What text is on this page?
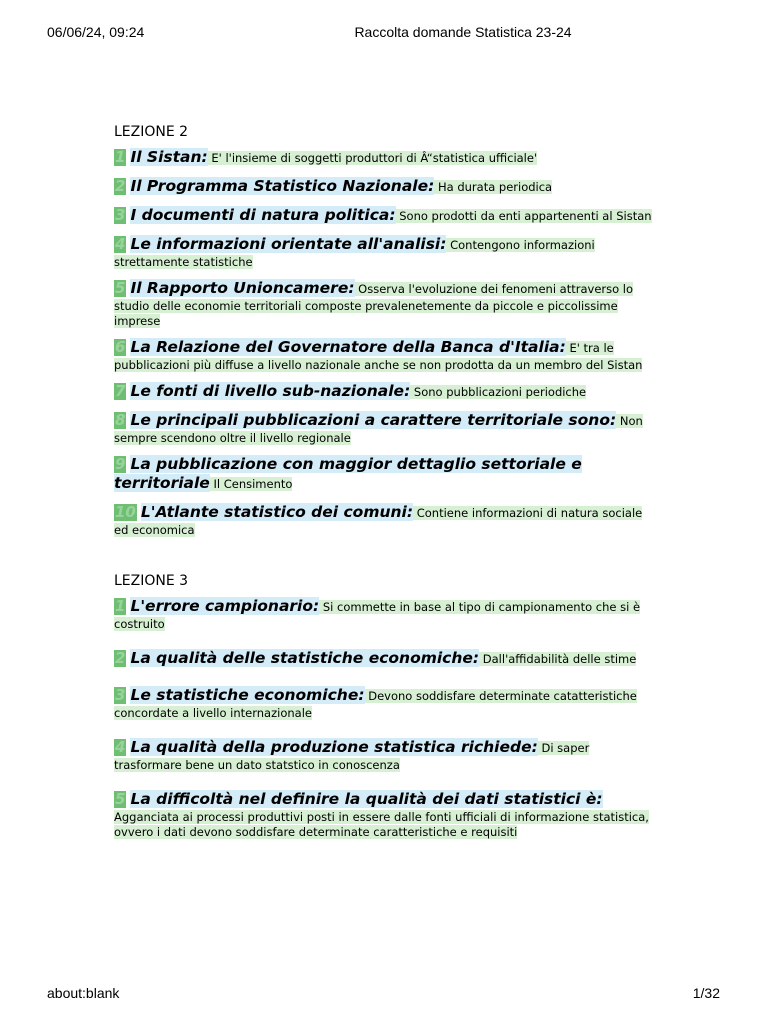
06/06/24, 09:24	Raccolta domande Statistica 23-24
LEZIONE 2
1 Il Sistan: E' l'insieme di soggetti produttori di Â“statistica ufficiale'
2 Il Programma Statistico Nazionale: Ha durata periodica
3 I documenti di natura politica: Sono prodotti da enti appartenenti al Sistan
4 Le informazioni orientate all'analisi: Contengono informazioni strettamente statistiche
5 Il Rapporto Unioncamere: Osserva l'evoluzione dei fenomeni attraverso lo studio delle economie territoriali composte prevalenetemente da piccole e piccolissime imprese
6 La Relazione del Governatore della Banca d'Italia: E' tra le pubblicazioni più diffuse a livello nazionale anche se non prodotta da un membro del Sistan
7 Le fonti di livello sub-nazionale: Sono pubblicazioni periodiche
8 Le principali pubblicazioni a carattere territoriale sono: Non sempre scendono oltre il livello regionale
9 La pubblicazione con maggior dettaglio settoriale e territoriale Il Censimento
10 L'Atlante statistico dei comuni: Contiene informazioni di natura sociale ed economica
LEZIONE 3
1 L'errore campionario: Si commette in base al tipo di campionamento che si è costruito
2 La qualità delle statistiche economiche: Dall'affidabilità delle stime
3 Le statistiche economiche: Devono soddisfare determinate catatteristiche concordate a livello internazionale
4 La qualità della produzione statistica richiede: Di saper trasformare bene un dato statstico in conoscenza
5 La difficoltà nel definire la qualità dei dati statistici è: Agganciata ai processi produttivi posti in essere dalle fonti ufficiali di informazione statistica, ovvero i dati devono soddisfare determinate caratteristiche e requisiti
about:blank	1/32
